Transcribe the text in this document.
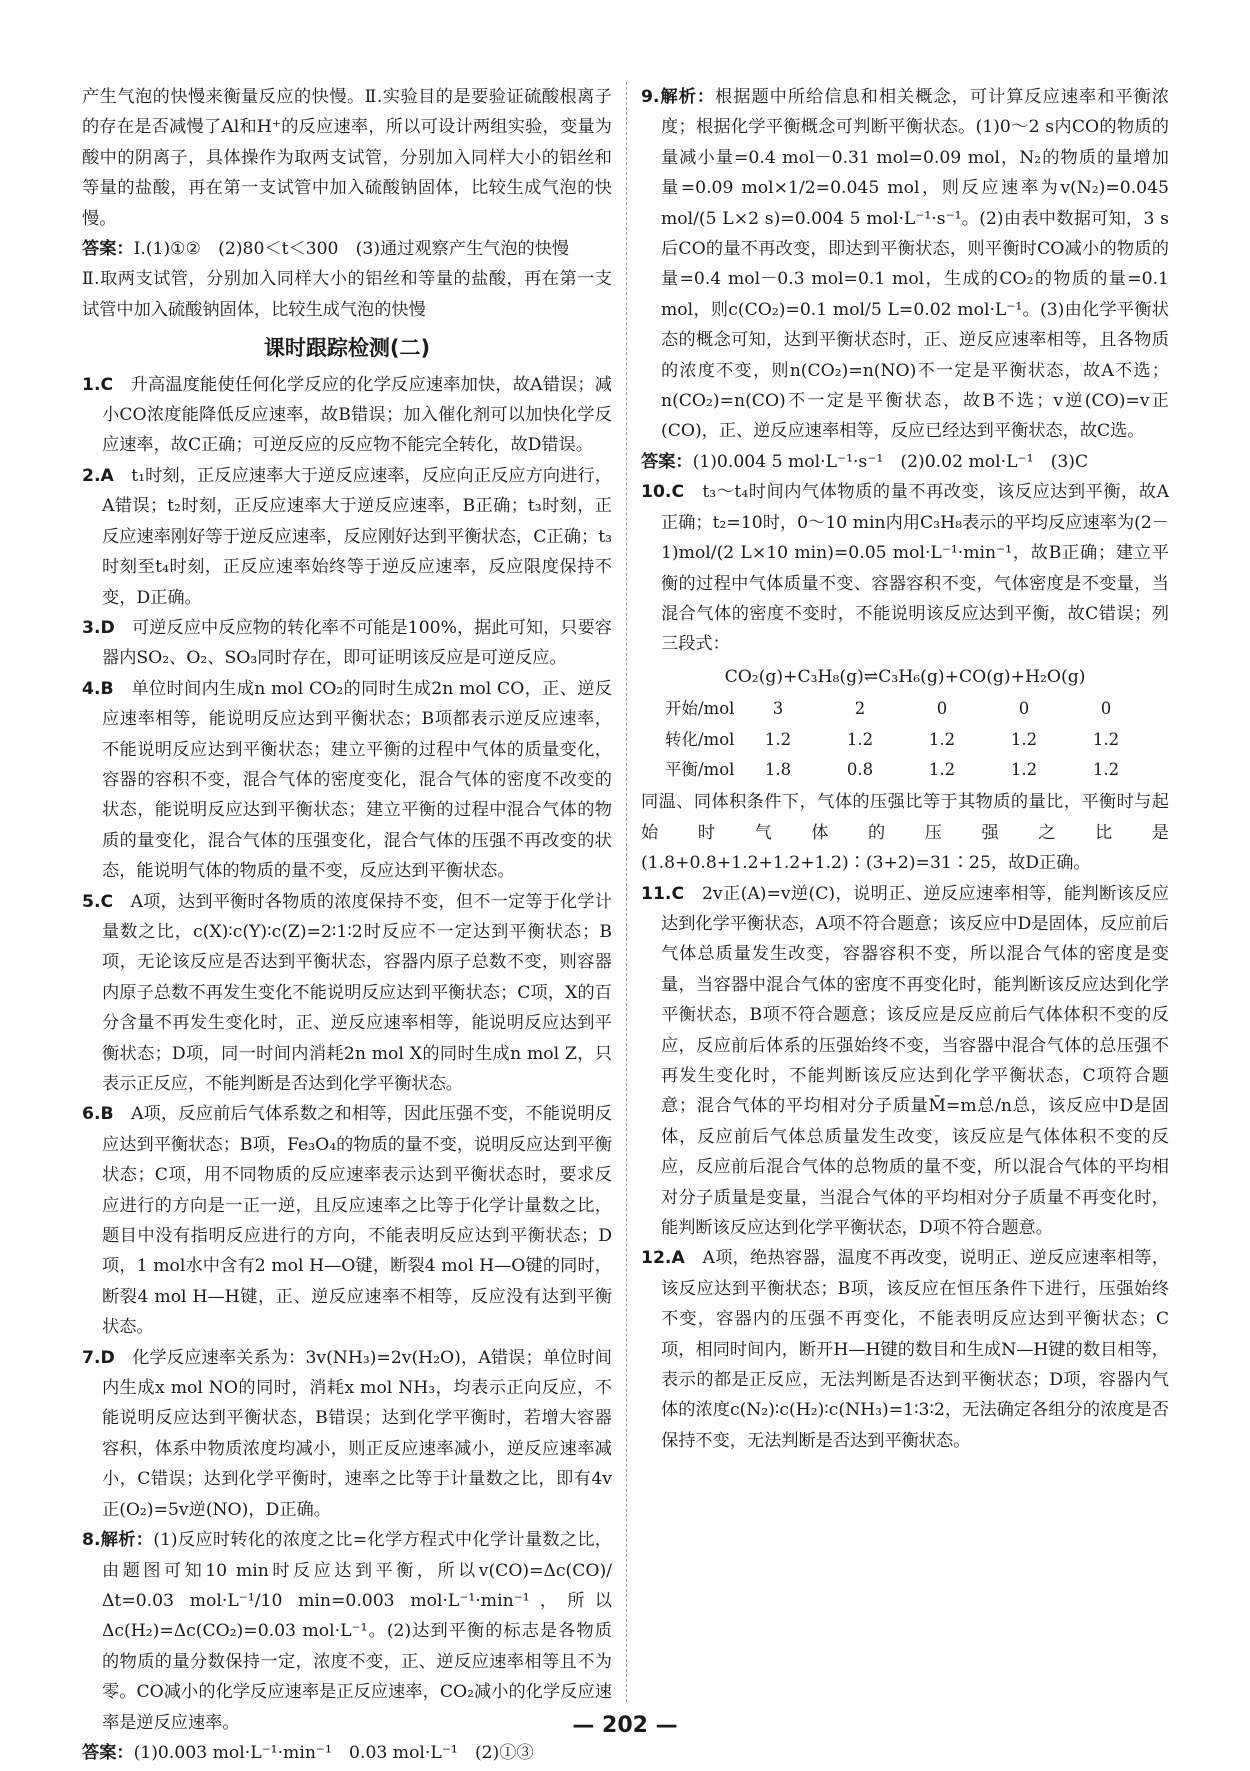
产生气泡的快慢来衡量反应的快慢。Ⅱ.实验目的是要验证硫酸根离子的存在是否减慢了Al和H⁺的反应速率，所以可设计两组实验，变量为酸中的阴离子，具体操作为取两支试管，分别加入同样大小的铝丝和等量的盐酸，再在第一支试管中加入硫酸钠固体，比较生成气泡的快慢。

答案：Ⅰ.(1)①②　(2)80＜t＜300　(3)通过观察产生气泡的快慢

Ⅱ.取两支试管，分别加入同样大小的铝丝和等量的盐酸，再在第一支试管中加入硫酸钠固体，比较生成气泡的快慢

课时跟踪检测(二)

1.C　 升高温度能使任何化学反应的化学反应速率加快，故A错误；减小CO浓度能降低反应速率，故B错误；加入催化剂可以加快化学反应速率，故C正确；可逆反应的反应物不能完全转化，故D错误。

2.A　 t₁时刻，正反应速率大于逆反应速率，反应向正反应方向进行，A错误；t₂时刻，正反应速率大于逆反应速率，B正确；t₃时刻，正反应速率刚好等于逆反应速率，反应刚好达到平衡状态，C正确；t₃时刻至t₄时刻，正反应速率始终等于逆反应速率，反应限度保持不变，D正确。

3.D　 可逆反应中反应物的转化率不可能是100%，据此可知，只要容器内SO₂、O₂、SO₃同时存在，即可证明该反应是可逆反应。

4.B　 单位时间内生成n mol CO₂的同时生成2n mol CO，正、逆反应速率相等，能说明反应达到平衡状态；B项都表示逆反应速率，不能说明反应达到平衡状态；建立平衡的过程中气体的质量变化，容器的容积不变，混合气体的密度变化，混合气体的密度不改变的状态，能说明反应达到平衡状态；建立平衡的过程中混合气体的物质的量变化，混合气体的压强变化，混合气体的压强不再改变的状态，能说明气体的物质的量不变，反应达到平衡状态。

5.C　 A项，达到平衡时各物质的浓度保持不变，但不一定等于化学计量数之比，c(X)∶c(Y)∶c(Z)=2∶1∶2时反应不一定达到平衡状态；B项，无论该反应是否达到平衡状态，容器内原子总数不变，则容器内原子总数不再发生变化不能说明反应达到平衡状态；C项，X的百分含量不再发生变化时，正、逆反应速率相等，能说明反应达到平衡状态；D项，同一时间内消耗2n mol X的同时生成n mol Z，只表示正反应，不能判断是否达到化学平衡状态。

6.B　 A项，反应前后气体系数之和相等，因此压强不变，不能说明反应达到平衡状态；B项，Fe₃O₄的物质的量不变，说明反应达到平衡状态；C项，用不同物质的反应速率表示达到平衡状态时，要求反应进行的方向是一正一逆，且反应速率之比等于化学计量数之比，题目中没有指明反应进行的方向，不能表明反应达到平衡状态；D项，1 mol水中含有2 mol H—O键，断裂4 mol H—O键的同时，断裂4 mol H—H键，正、逆反应速率不相等，反应没有达到平衡状态。

7.D　 化学反应速率关系为：3v(NH₃)=2v(H₂O)，A错误；单位时间内生成x mol NO的同时，消耗x mol NH₃，均表示正向反应，不能说明反应达到平衡状态，B错误；达到化学平衡时，若增大容器容积，体系中物质浓度均减小，则正反应速率减小，逆反应速率减小，C错误；达到化学平衡时，速率之比等于计量数之比，即有4v正(O₂)=5v逆(NO)，D正确。

8.解析：(1)反应时转化的浓度之比=化学方程式中化学计量数之比，由题图可知10 min时反应达到平衡，所以v(CO)=Δc(CO)/Δt=0.03 mol·L⁻¹/10 min=0.003 mol·L⁻¹·min⁻¹，所以Δc(H₂)=Δc(CO₂)=0.03 mol·L⁻¹。(2)达到平衡的标志是各物质的物质的量分数保持一定，浓度不变，正、逆反应速率相等且不为零。CO减小的化学反应速率是正反应速率，CO₂减小的化学反应速率是逆反应速率。

答案：(1)0.003 mol·L⁻¹·min⁻¹　0.03 mol·L⁻¹　(2)①③

9.解析：根据题中所给信息和相关概念，可计算反应速率和平衡浓度；根据化学平衡概念可判断平衡状态。(1)0～2 s内CO的物质的量减小量=0.4 mol－0.31 mol=0.09 mol，N₂的物质的量增加量=0.09 mol×1/2=0.045 mol，则反应速率为v(N₂)=0.045 mol/(5 L×2 s)=0.004 5 mol·L⁻¹·s⁻¹。(2)由表中数据可知，3 s后CO的量不再改变，即达到平衡状态，则平衡时CO减小的物质的量=0.4 mol－0.3 mol=0.1 mol，生成的CO₂的物质的量=0.1 mol，则c(CO₂)=0.1 mol/5 L=0.02 mol·L⁻¹。(3)由化学平衡状态的概念可知，达到平衡状态时，正、逆反应速率相等，且各物质的浓度不变，则n(CO₂)=n(NO)不一定是平衡状态，故A不选；n(CO₂)=n(CO)不一定是平衡状态，故B不选；v逆(CO)=v正(CO)，正、逆反应速率相等，反应已经达到平衡状态，故C选。

答案：(1)0.004 5 mol·L⁻¹·s⁻¹　(2)0.02 mol·L⁻¹　(3)C

10.C　 t₃～t₄时间内气体物质的量不再改变，该反应达到平衡，故A正确；t₂=10时，0～10 min内用C₃H₈表示的平均反应速率为(2－1)mol/(2 L×10 min)=0.05 mol·L⁻¹·min⁻¹，故B正确；建立平衡的过程中气体质量不变、容器容积不变，气体密度是不变量，当混合气体的密度不变时，不能说明该反应达到平衡，故C错误；列三段式：

CO₂(g)+C₃H₈(g)⇌C₃H₆(g)+CO(g)+H₂O(g)
开始/mol	3	2	0	0	0
转化/mol	1.2	1.2	1.2	1.2	1.2
平衡/mol	1.8	0.8	1.2	1.2	1.2

同温、同体积条件下，气体的压强比等于其物质的量比，平衡时与起始时气体的压强之比是(1.8+0.8+1.2+1.2+1.2)∶(3+2)=31∶25，故D正确。

11.C　 2v正(A)=v逆(C)，说明正、逆反应速率相等，能判断该反应达到化学平衡状态，A项不符合题意；该反应中D是固体，反应前后气体总质量发生改变，容器容积不变，所以混合气体的密度是变量，当容器中混合气体的密度不再变化时，能判断该反应达到化学平衡状态，B项不符合题意；该反应是反应前后气体体积不变的反应，反应前后体系的压强始终不变，当容器中混合气体的总压强不再发生变化时，不能判断该反应达到化学平衡状态，C项符合题意；混合气体的平均相对分子质量M̄=m总/n总，该反应中D是固体，反应前后气体总质量发生改变，该反应是气体体积不变的反应，反应前后混合气体的总物质的量不变，所以混合气体的平均相对分子质量是变量，当混合气体的平均相对分子质量不再变化时，能判断该反应达到化学平衡状态，D项不符合题意。

12.A　 A项，绝热容器，温度不再改变，说明正、逆反应速率相等，该反应达到平衡状态；B项，该反应在恒压条件下进行，压强始终不变，容器内的压强不再变化，不能表明反应达到平衡状态；C项，相同时间内，断开H—H键的数目和生成N—H键的数目相等，表示的都是正反应，无法判断是否达到平衡状态；D项，容器内气体的浓度c(N₂)∶c(H₂)∶c(NH₃)=1∶3∶2，无法确定各组分的浓度是否保持不变，无法判断是否达到平衡状态。

— 202 —
